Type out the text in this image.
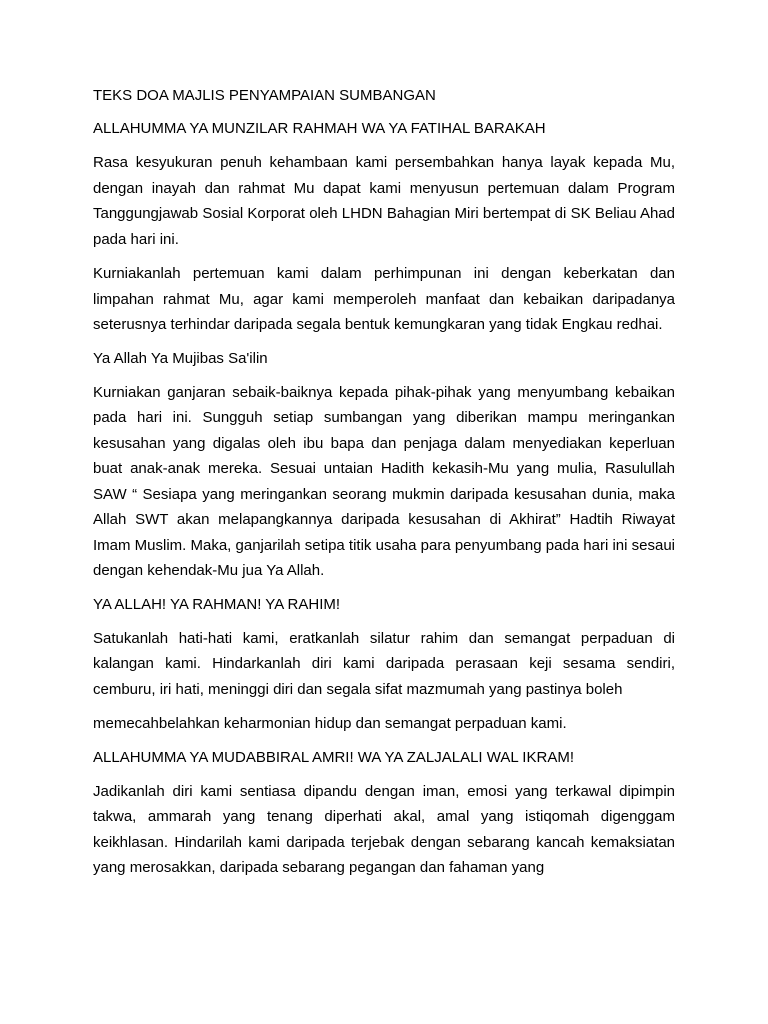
TEKS DOA MAJLIS PENYAMPAIAN SUMBANGAN

ALLAHUMMA YA MUNZILAR RAHMAH WA YA FATIHAL BARAKAH

Rasa kesyukuran penuh kehambaan kami persembahkan hanya layak kepada Mu, dengan inayah dan rahmat Mu dapat kami menyusun pertemuan dalam Program Tanggungjawab Sosial Korporat oleh LHDN Bahagian Miri bertempat di SK Beliau Ahad pada hari ini.

Kurniakanlah pertemuan kami dalam perhimpunan ini dengan keberkatan dan limpahan rahmat Mu, agar kami memperoleh manfaat dan kebaikan daripadanya seterusnya terhindar daripada segala bentuk kemungkaran yang tidak Engkau redhai.

Ya Allah Ya Mujibas Sa'ilin

Kurniakan ganjaran sebaik-baiknya kepada pihak-pihak yang menyumbang kebaikan pada hari ini. Sungguh setiap sumbangan yang diberikan mampu meringankan kesusahan yang digalas oleh ibu bapa dan penjaga dalam menyediakan keperluan buat anak-anak mereka. Sesuai untaian Hadith kekasih-Mu yang mulia, Rasulullah SAW “ Sesiapa yang meringankan seorang mukmin daripada kesusahan dunia, maka Allah SWT akan melapangkannya daripada kesusahan di Akhirat” Hadtih Riwayat Imam Muslim. Maka, ganjarilah setipa titik usaha para penyumbang pada hari ini sesaui dengan kehendak-Mu jua Ya Allah.

YA ALLAH! YA RAHMAN! YA RAHIM!

Satukanlah hati-hati kami, eratkanlah silatur rahim dan semangat perpaduan di kalangan kami. Hindarkanlah diri kami daripada perasaan keji sesama sendiri, cemburu, iri hati, meninggi diri dan segala sifat mazmumah yang pastinya boleh

memecahbelahkan keharmonian hidup dan semangat perpaduan kami.

ALLAHUMMA YA MUDABBIRAL AMRI! WA YA ZALJALALI WAL IKRAM!

Jadikanlah diri kami sentiasa dipandu dengan iman, emosi yang terkawal dipimpin takwa, ammarah yang tenang diperhati akal, amal yang istiqomah digenggam keikhlasan. Hindarilah kami daripada terjebak dengan sebarang kancah kemaksiatan yang merosakkan, daripada sebarang pegangan dan fahaman yang
